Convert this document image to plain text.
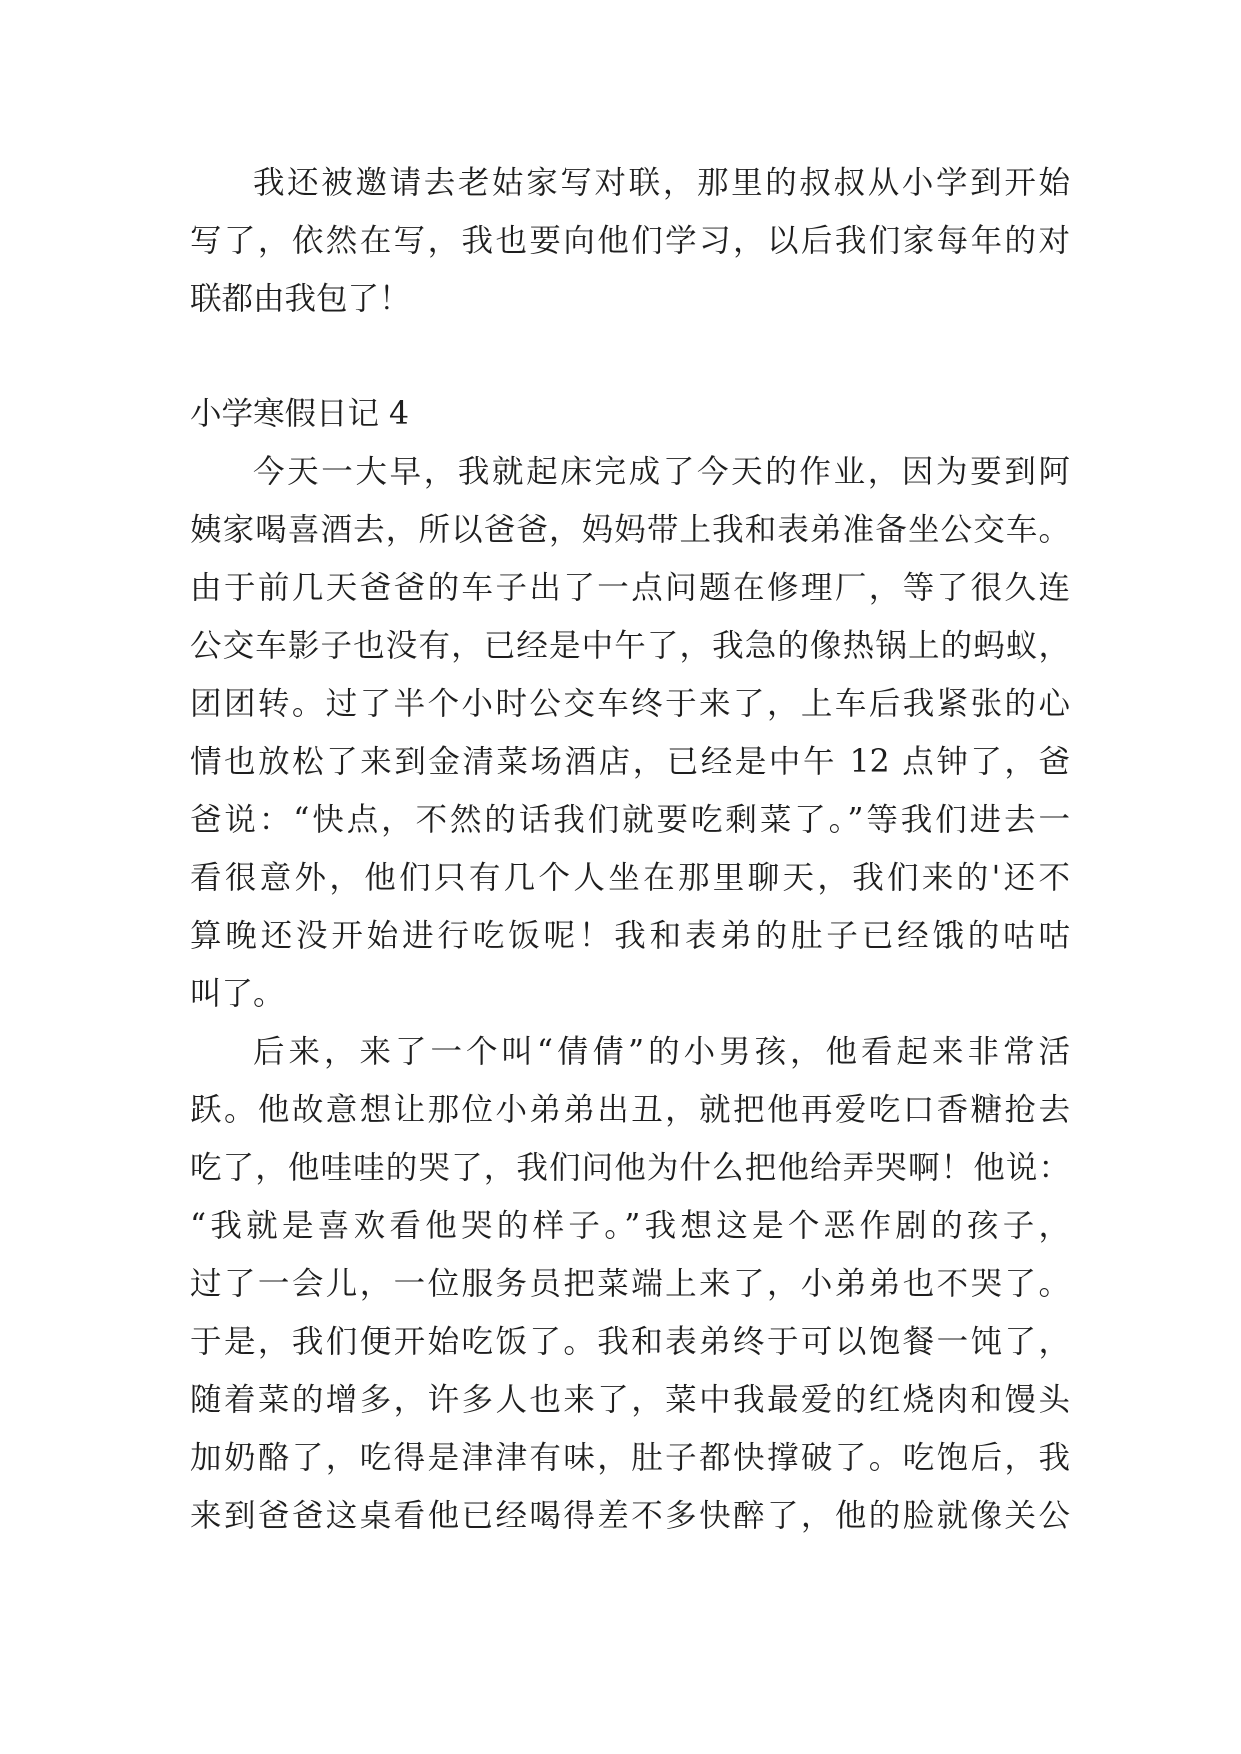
我还被邀请去老姑家写对联，那里的叔叔从小学到开始
写了，依然在写，我也要向他们学习，以后我们家每年的对
联都由我包了！
小学寒假日记 4
今天一大早，我就起床完成了今天的作业，因为要到阿
姨家喝喜酒去，所以爸爸，妈妈带上我和表弟准备坐公交车。
由于前几天爸爸的车子出了一点问题在修理厂，等了很久连
公交车影子也没有，已经是中午了，我急的像热锅上的蚂蚁，
团团转。过了半个小时公交车终于来了，上车后我紧张的心
情也放松了来到金清菜场酒店，已经是中午 12 点钟了，爸
爸说：“快点，不然的话我们就要吃剩菜了。”等我们进去一
看很意外，他们只有几个人坐在那里聊天，我们来的'还不
算晚还没开始进行吃饭呢！我和表弟的肚子已经饿的咕咕
叫了。
后来，来了一个叫“倩倩”的小男孩，他看起来非常活
跃。他故意想让那位小弟弟出丑，就把他再爱吃口香糖抢去
吃了，他哇哇的哭了，我们问他为什么把他给弄哭啊！他说：
“我就是喜欢看他哭的样子。”我想这是个恶作剧的孩子，
过了一会儿，一位服务员把菜端上来了，小弟弟也不哭了。
于是，我们便开始吃饭了。我和表弟终于可以饱餐一饨了，
随着菜的增多，许多人也来了，菜中我最爱的红烧肉和馒头
加奶酪了，吃得是津津有味，肚子都快撑破了。吃饱后，我
来到爸爸这桌看他已经喝得差不多快醉了，他的脸就像关公
